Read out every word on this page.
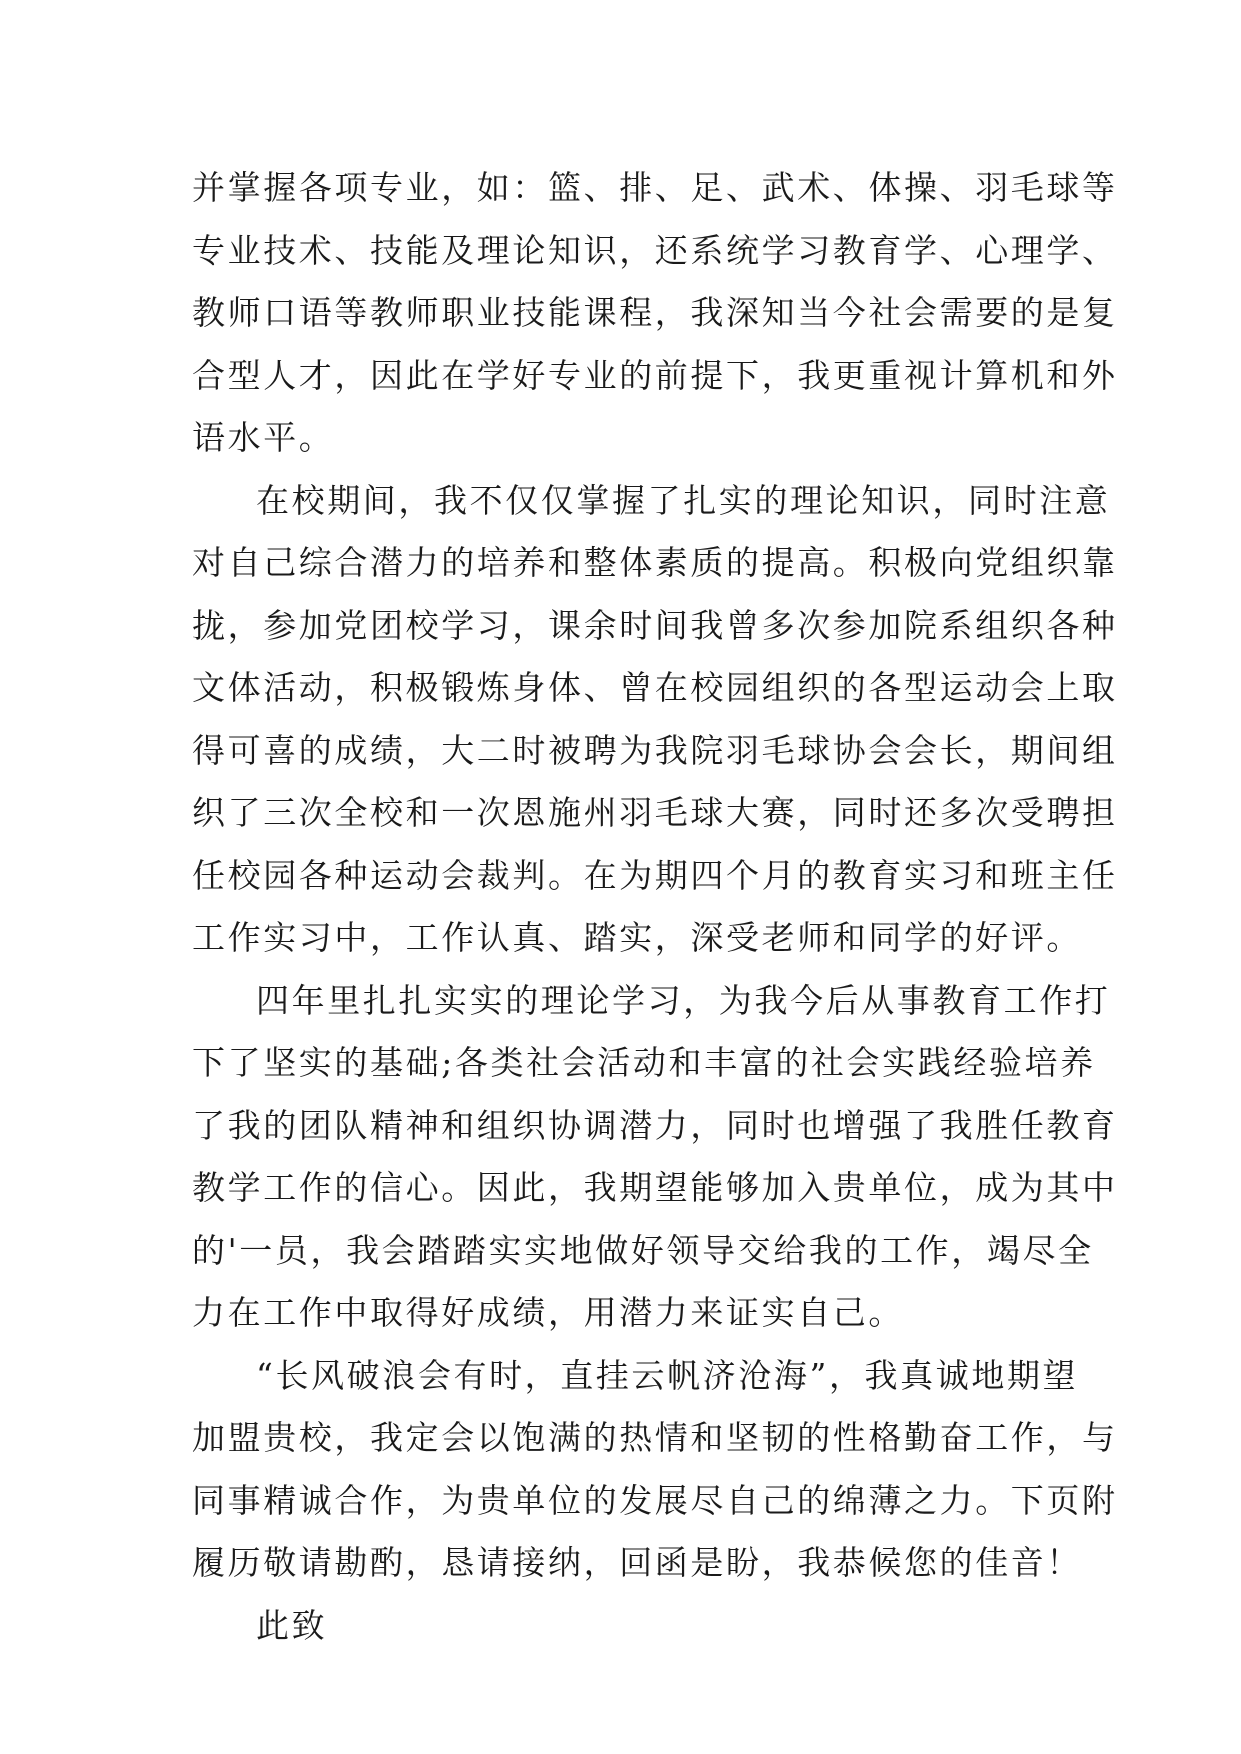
并掌握各项专业，如：篮、排、足、武术、体操、羽毛球等
专业技术、技能及理论知识，还系统学习教育学、心理学、
教师口语等教师职业技能课程，我深知当今社会需要的是复
合型人才，因此在学好专业的前提下，我更重视计算机和外
语水平。
在校期间，我不仅仅掌握了扎实的理论知识，同时注意
对自己综合潜力的培养和整体素质的提高。积极向党组织靠
拢，参加党团校学习，课余时间我曾多次参加院系组织各种
文体活动，积极锻炼身体、曾在校园组织的各型运动会上取
得可喜的成绩，大二时被聘为我院羽毛球协会会长，期间组
织了三次全校和一次恩施州羽毛球大赛，同时还多次受聘担
任校园各种运动会裁判。在为期四个月的教育实习和班主任
工作实习中，工作认真、踏实，深受老师和同学的好评。
四年里扎扎实实的理论学习，为我今后从事教育工作打
下了坚实的基础;各类社会活动和丰富的社会实践经验培养
了我的团队精神和组织协调潜力，同时也增强了我胜任教育
教学工作的信心。因此，我期望能够加入贵单位，成为其中
的'一员，我会踏踏实实地做好领导交给我的工作，竭尽全
力在工作中取得好成绩，用潜力来证实自己。
“长风破浪会有时，直挂云帆济沧海”，我真诚地期望
加盟贵校，我定会以饱满的热情和坚韧的性格勤奋工作，与
同事精诚合作，为贵单位的发展尽自己的绵薄之力。下页附
履历敬请勘酌，恳请接纳，回函是盼，我恭候您的佳音！
此致
